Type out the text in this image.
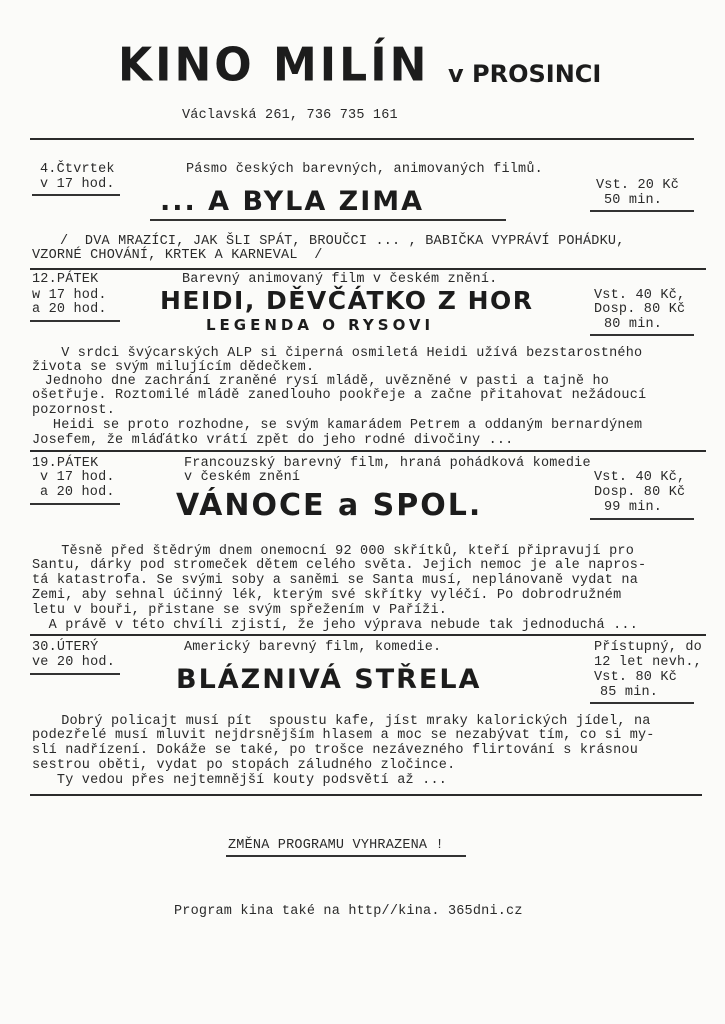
KINO MILÍN v PROSINCI
Václavská 261, 736 735 161
4.Čtvrtek
v 17 hod.
Pásmo českých barevných, animovaných filmů.
... A BYLA ZIMA
Vst. 20 Kč
50 min.
/  DVA MRAZÍCI, JAK ŠLI SPÁT, BROUČCI ... , BABIČKA VYPRÁVÍ POHÁDKU,
VZORNÉ CHOVÁNÍ, KRTEK A KARNEVAL  /
12.PÁTEK
w 17 hod.
a 20 hod.
Barevný animovaný film v českém znění.
HEIDI, DĚVČÁTKO Z HOR
LEGENDA O RYSOVI
Vst. 40 Kč,
Dosp. 80 Kč
80 min.
V srdci švýcarských ALP si čiperná osmiletá Heidi užívá bezstarostného
života se svým milujícím dědečkem.
Jednoho dne zachrání zraněné rysí mládě, uvězněné v pasti a tajně ho
ošetřuje. Roztomilé mládě zanedlouho pookřeje a začne přitahovat nežádoucí
pozornost.
Heidi se proto rozhodne, se svým kamarádem Petrem a oddaným bernardýnem
Josefem, že mláďátko vrátí zpět do jeho rodné divočiny ...
19.PÁTEK
v 17 hod.
a 20 hod.
Francouzský barevný film, hraná pohádková komedie
v českém znění
VÁNOCE a SPOL.
Vst. 40 Kč,
Dosp. 80 Kč
99 min.
Těsně před štědrým dnem onemocní 92 000 skřítků, kteří připravují pro
Santu, dárky pod stromeček dětem celého světa. Jejich nemoc je ale napros-
tá katastrofa. Se svými soby a saněmi se Santa musí, neplánovaně vydat na
Zemi, aby sehnal účinný lék, kterým své skřítky vyléčí. Po dobrodružném
letu v bouři, přistane se svým spřežením v Paříži.
A právě v této chvíli zjistí, že jeho výprava nebude tak jednoduchá ...
30.ÚTERÝ
ve 20 hod.
Americký barevný film, komedie.
BLÁZNIVÁ STŘELA
Přístupný, do
12 let nevh.,
Vst. 80 Kč
85 min.
Dobrý policajt musí pít  spoustu kafe, jíst mraky kalorických jídel, na
podezřelé musí mluvit nejdrsnějším hlasem a moc se nezabývat tím, co si my-
slí nadřízení. Dokáže se také, po trošce nezávezného flirtování s krásnou
sestrou oběti, vydat po stopách záludného zločince.
Ty vedou přes nejtemnější kouty podsvětí až ...
ZMĚNA PROGRAMU VYHRAZENA !
Program kina také na http//kina. 365dni.cz
